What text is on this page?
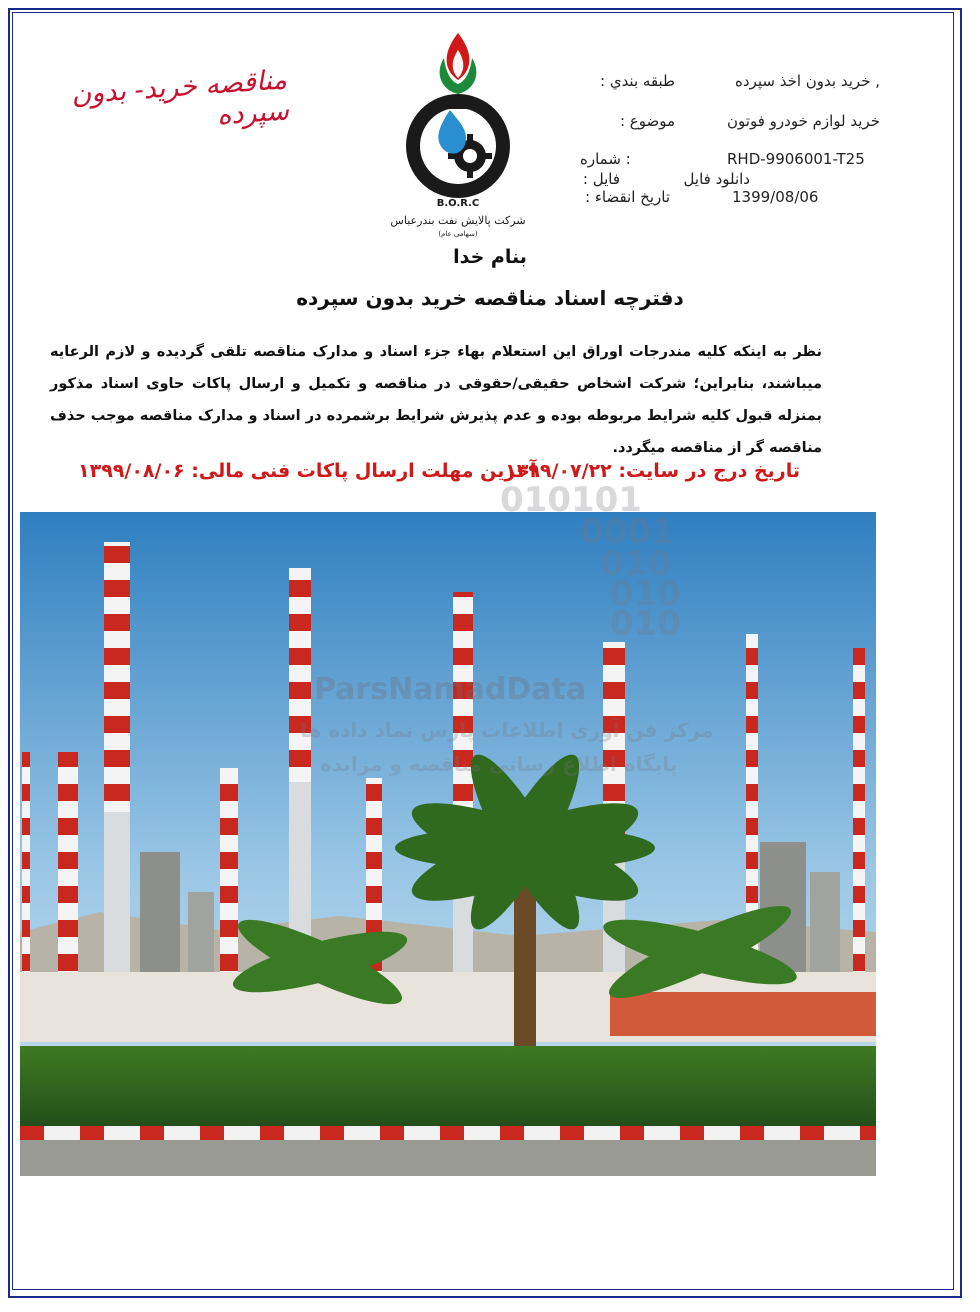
مناقصه خرید- بدون سپرده
B.O.R.C
شرکت پالایش نفت بندرعباس
(سهامی عام)
طبقه بندي :	, خرید بدون اخذ سپرده
موضوع :	خرید لوازم خودرو فوتون
: شماره	RHD-9906001-T25
فایل :	دانلود فایل
تاریخ انقضاء :	1399/08/06
بنام خدا
دفترچه اسناد مناقصه خرید بدون سپرده
نظر به اینکه کلیه مندرجات اوراق این استعلام بهاء جزء اسناد و مدارک مناقصه تلقی گردیده و لازم الرعایه میباشند، بنابراین؛ شرکت اشخاص حقیقی/حقوقی در مناقصه و تکمیل و ارسال پاکات حاوی اسناد مذکور بمنزله قبول کلیه شرایط مربوطه بوده و عدم پذیرش شرایط برشمرده در اسناد و مدارک مناقصه موجب حذف مناقصه گر از مناقصه میگردد.
تاریخ درج در سایت: ۱۳۹۹/۰۷/۲۲
آخرین مهلت ارسال پاکات فنی مالی: ۱۳۹۹/۰۸/۰۶
010101
0001
010
010
010
ParsNamadData
مرکز فن آوری اطلاعات پارس نماد داده ها
پایگاه اطلاع رسانی مناقصه و مزایده
